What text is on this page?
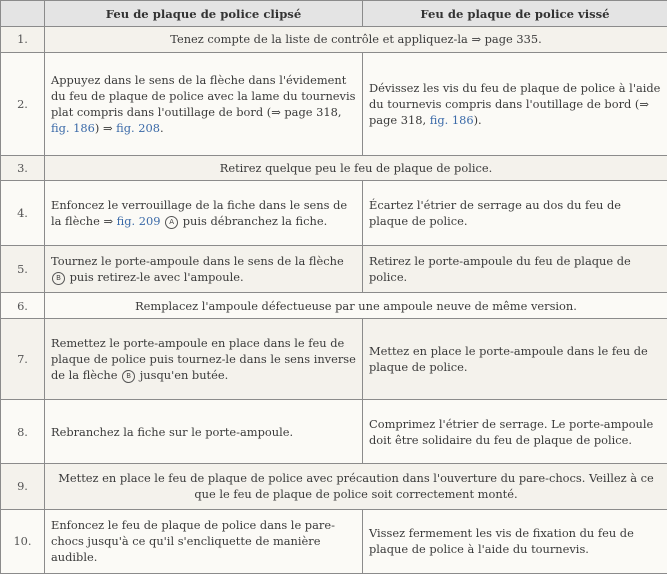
	Feu de plaque de police clipsé	Feu de plaque de police vissé
1.	Tenez compte de la liste de contrôle et appliquez-la ⇒ page 335.	
2.	Appuyez dans le sens de la flèche dans l'évidement du feu de plaque de police avec la lame du tournevis plat compris dans l'outillage de bord (⇒ page 318, fig. 186) ⇒ fig. 208.	Dévissez les vis du feu de plaque de police à l'aide du tournevis compris dans l'outillage de bord (⇒ page 318, fig. 186).
3.	Retirez quelque peu le feu de plaque de police.	
4.	Enfoncez le verrouillage de la fiche dans le sens de la flèche ⇒ fig. 209 A puis débranchez la fiche.	Écartez l'étrier de serrage au dos du feu de plaque de police.
5.	Tournez le porte-ampoule dans le sens de la flèche B puis retirez-le avec l'ampoule.	Retirez le porte-ampoule du feu de plaque de police.
6.	Remplacez l'ampoule défectueuse par une ampoule neuve de même version.	
7.	Remettez le porte-ampoule en place dans le feu de plaque de police puis tournez-le dans le sens inverse de la flèche B jusqu'en butée.	Mettez en place le porte-ampoule dans le feu de plaque de police.
8.	Rebranchez la fiche sur le porte-ampoule.	Comprimez l'étrier de serrage. Le porte-ampoule doit être solidaire du feu de plaque de police.
9.	Mettez en place le feu de plaque de police avec précaution dans l'ouverture du pare-chocs. Veillez à ce que le feu de plaque de police soit correctement monté.	
10.	Enfoncez le feu de plaque de police dans le pare-chocs jusqu'à ce qu'il s'encliquette de manière audible.	Vissez fermement les vis de fixation du feu de plaque de police à l'aide du tournevis.
